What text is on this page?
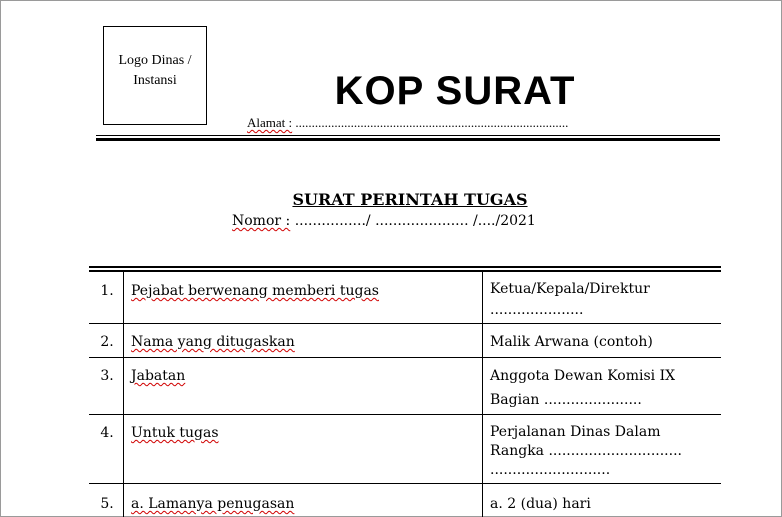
Logo Dinas /
Instansi	KOP SURAT
Alamat : ....................................................................................
SURAT PERINTAH TUGAS
Nomor : ................/ ..................... /..../2021
1.	Pejabat berwenang memberi tugas	Ketua/Kepala/Direktur
.....................
2.	Nama yang ditugaskan	Malik Arwana (contoh)
3.	Jabatan	Anggota Dewan Komisi IX
Bagian ......................
4.	Untuk tugas	Perjalanan Dinas Dalam
Rangka ..............................
...........................
5.	a. Lamanya penugasan	a. 2 (dua) hari
